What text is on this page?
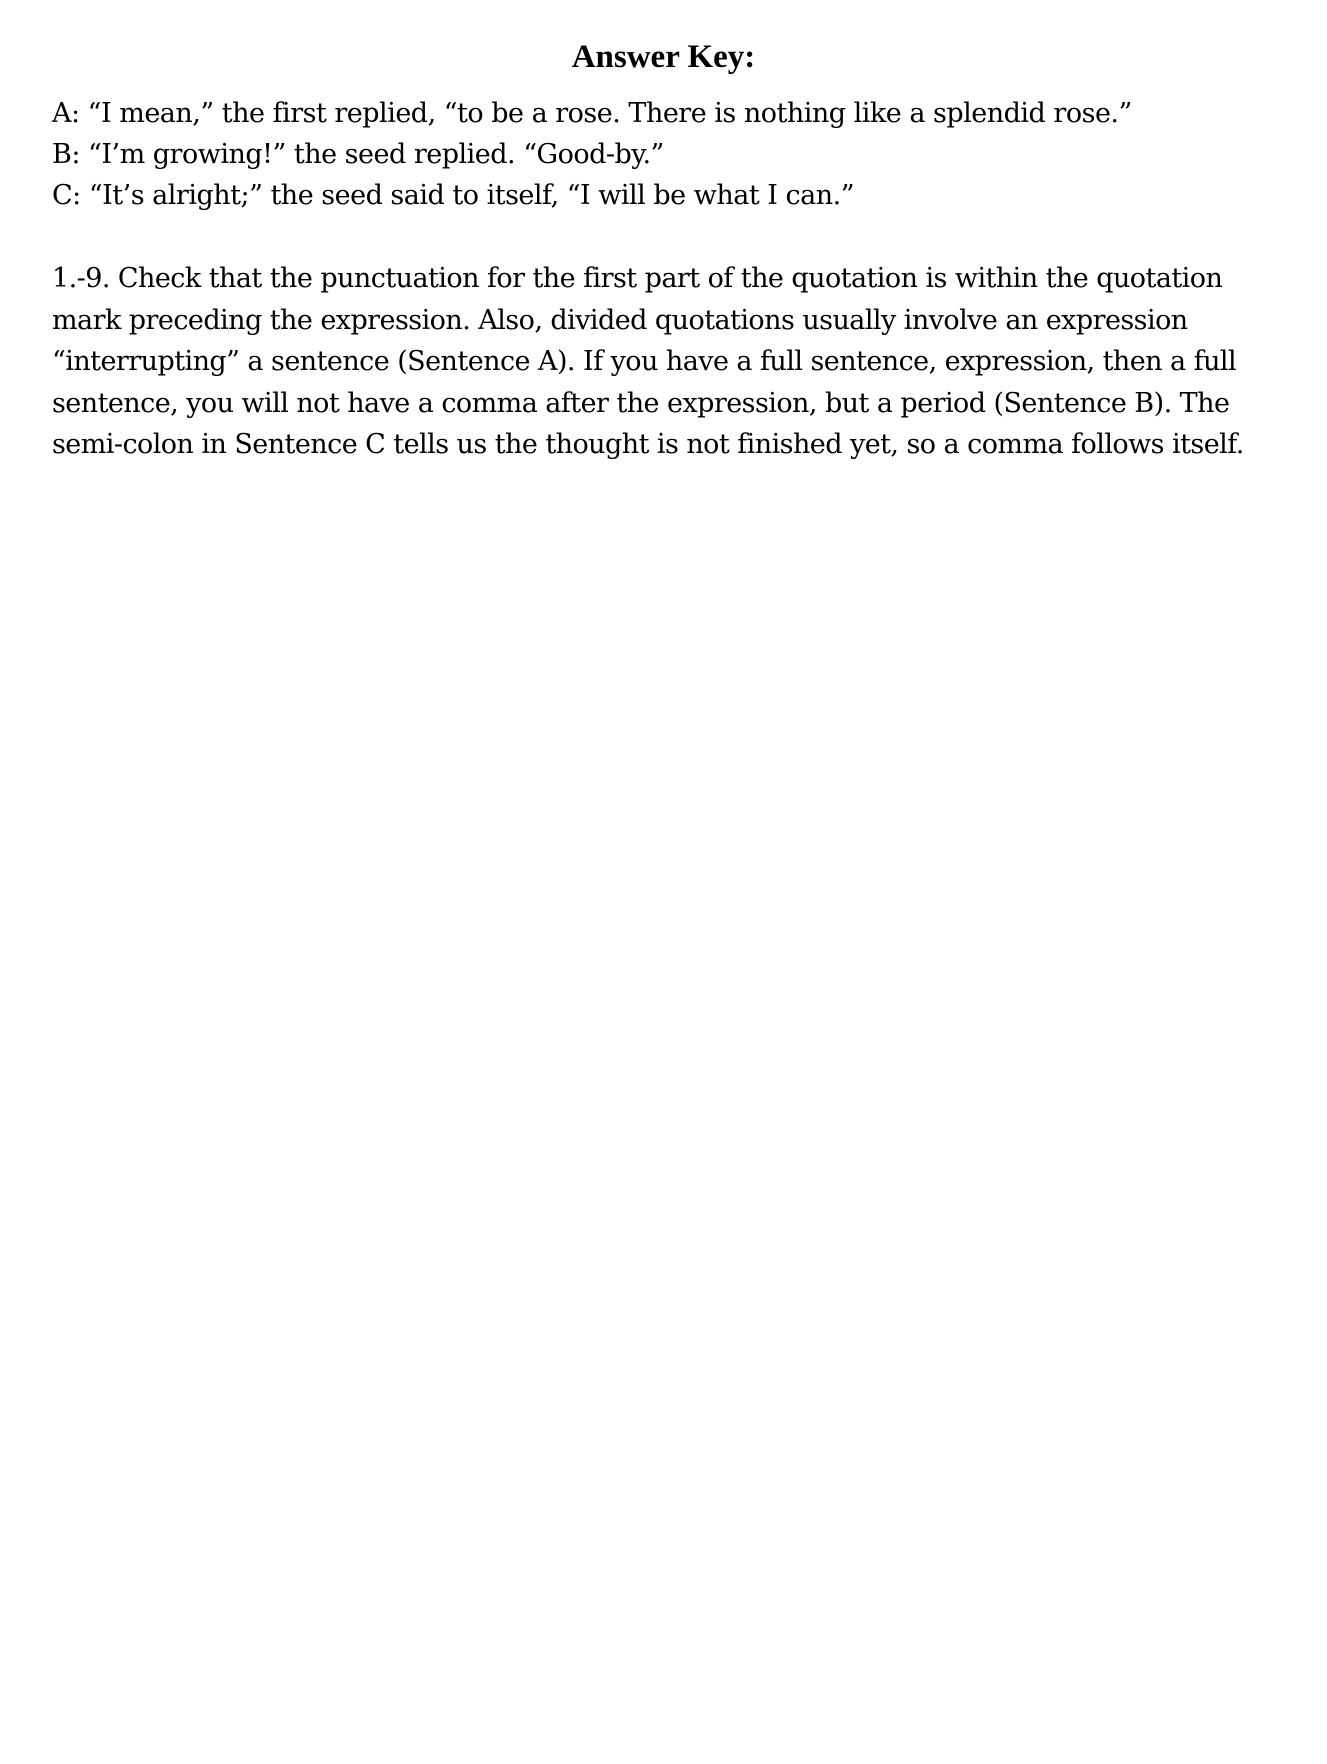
Answer Key:
A: “I mean,” the first replied, “to be a rose. There is nothing like a splendid rose.”
B: “I’m growing!” the seed replied. “Good-by.”
C: “It’s alright;” the seed said to itself, “I will be what I can.”

1.-9. Check that the punctuation for the first part of the quotation is within the quotation mark preceding the expression. Also, divided quotations usually involve an expression “interrupting” a sentence (Sentence A). If you have a full sentence, expression, then a full sentence, you will not have a comma after the expression, but a period (Sentence B). The semi-colon in Sentence C tells us the thought is not finished yet, so a comma follows itself.
